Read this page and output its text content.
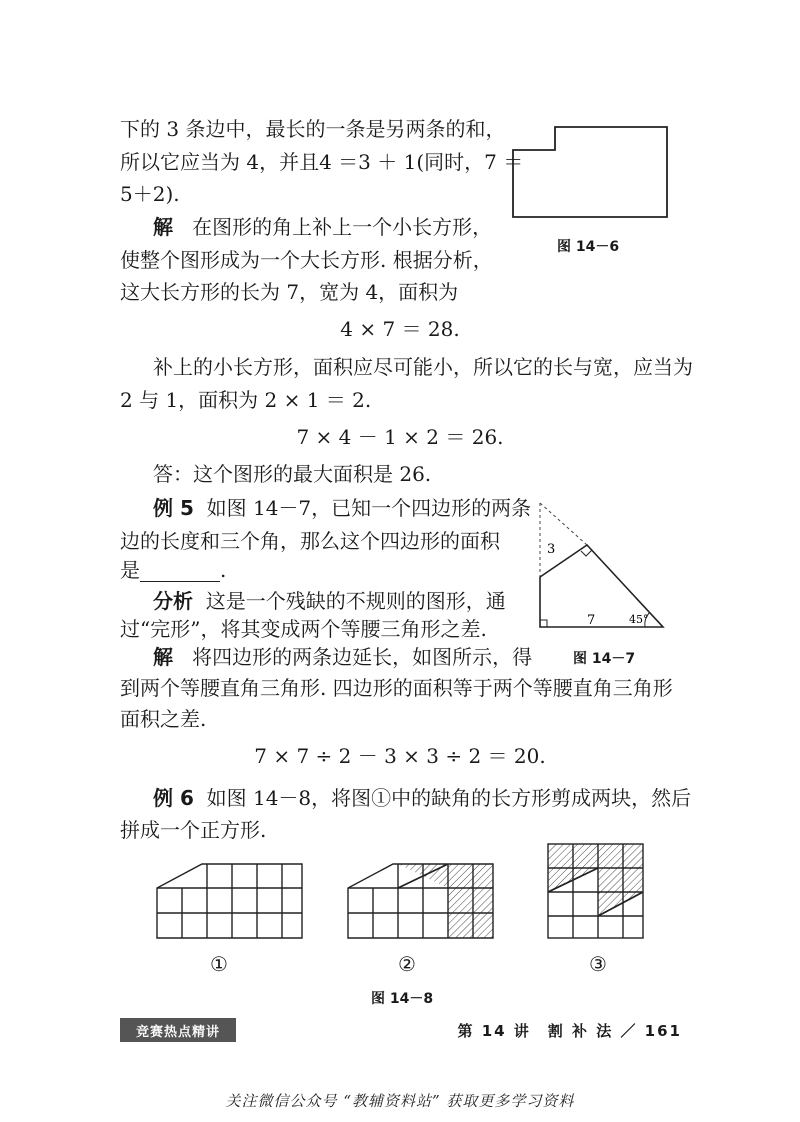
下的 3 条边中，最长的一条是另两条的和，
所以它应当为 4，并且4 ＝3 ＋ 1(同时，7 ＝
5＋2).
解 在图形的角上补上一个小长方形，
使整个图形成为一个大长方形. 根据分析，
这大长方形的长为 7，宽为 4，面积为
4 × 7 ＝ 28.
补上的小长方形，面积应尽可能小，所以它的长与宽，应当为
2 与 1，面积为 2 × 1 ＝ 2.
7 × 4 － 1 × 2 ＝ 26.
答：这个图形的最大面积是 26.
例 5 如图 14－7，已知一个四边形的两条
边的长度和三个角，那么这个四边形的面积
是	.
分析 这是一个残缺的不规则的图形，通
过“完形”，将其变成两个等腰三角形之差.
解 将四边形的两条边延长，如图所示，得
到两个等腰直角三角形. 四边形的面积等于两个等腰直角三角形
面积之差.
7 × 7 ÷ 2 － 3 × 3 ÷ 2 ＝ 20.
例 6 如图 14－8，将图①中的缺角的长方形剪成两块，然后
拼成一个正方形.
图 14－6
3
7	45°
图 14－7
①	②	③
图 14－8
竞赛热点精讲	第 14 讲　割 补 法 ／ 161
关注微信公众号 “教辅资料站” 获取更多学习资料
